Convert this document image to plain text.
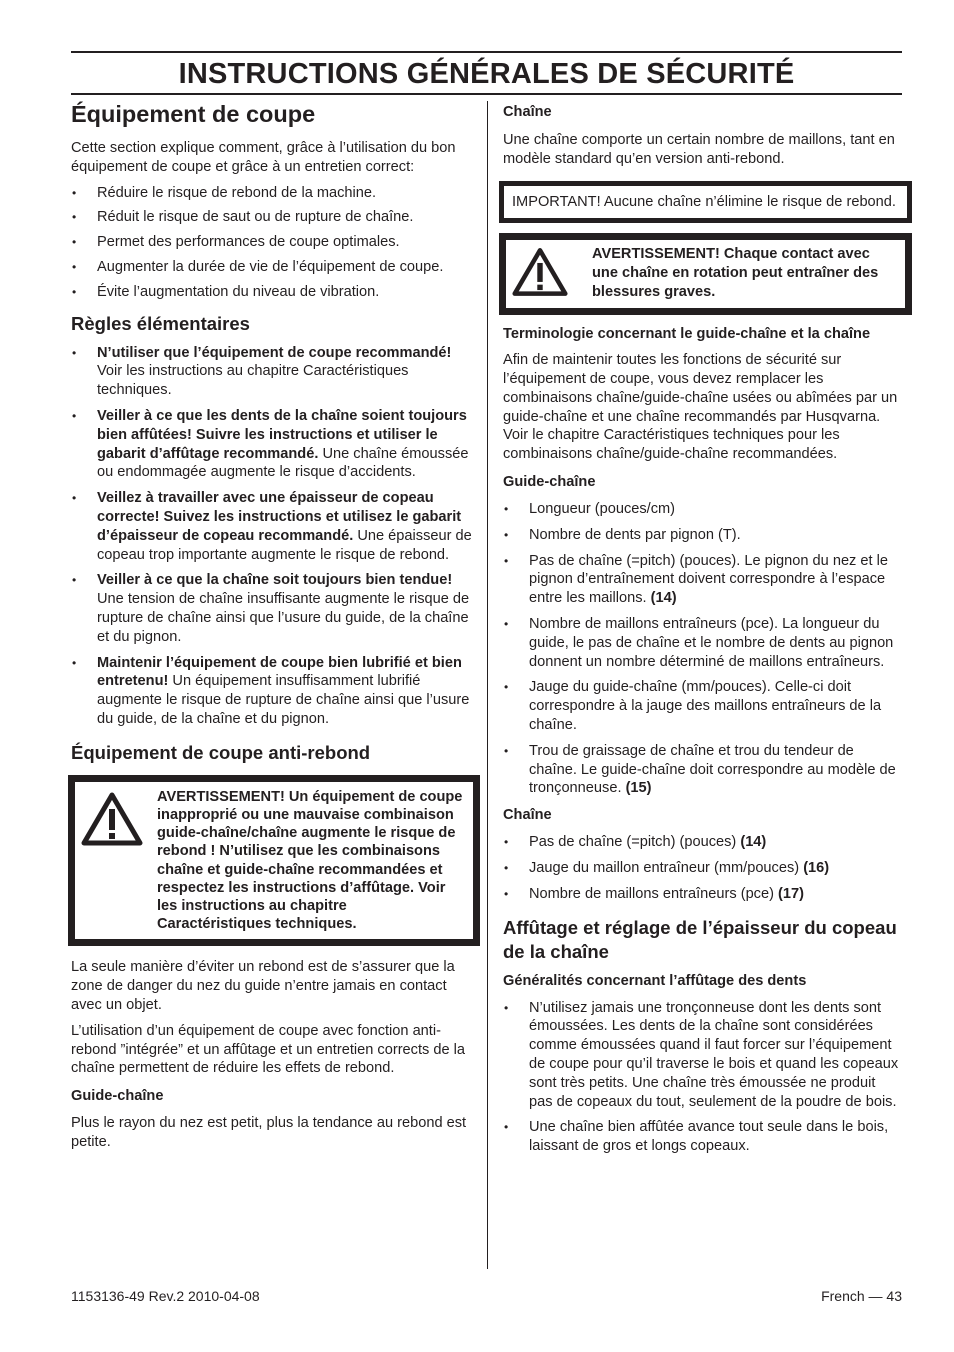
INSTRUCTIONS GÉNÉRALES DE SÉCURITÉ
Équipement de coupe

Cette section explique comment, grâce à l’utilisation du bon équipement de coupe et grâce à un entretien correct:

• Réduire le risque de rebond de la machine.
• Réduit le risque de saut ou de rupture de chaîne.
• Permet des performances de coupe optimales.
• Augmenter la durée de vie de l’équipement de coupe.
• Évite l’augmentation du niveau de vibration.
Règles élémentaires
• N’utiliser que l’équipement de coupe recommandé! Voir les instructions au chapitre Caractéristiques techniques.
• Veiller à ce que les dents de la chaîne soient toujours bien affûtées! Suivre les instructions et utiliser le gabarit d’affûtage recommandé. Une chaîne émoussée ou endommagée augmente le risque d’accidents.
• Veillez à travailler avec une épaisseur de copeau correcte! Suivez les instructions et utilisez le gabarit d’épaisseur de copeau recommandé. Une épaisseur de copeau trop importante augmente le risque de rebond.
• Veiller à ce que la chaîne soit toujours bien tendue! Une tension de chaîne insuffisante augmente le risque de rupture de chaîne ainsi que l’usure du guide, de la chaîne et du pignon.
• Maintenir l’équipement de coupe bien lubrifié et bien entretenu! Un équipement insuffisamment lubrifié augmente le risque de rupture de chaîne ainsi que l’usure du guide, de la chaîne et du pignon.
Équipement de coupe anti-rebond
AVERTISSEMENT! Un équipement de coupe inapproprié ou une mauvaise combinaison guide-chaîne/chaîne augmente le risque de rebond ! N’utilisez que les combinaisons chaîne et guide-chaîne recommandées et respectez les instructions d’affûtage. Voir les instructions au chapitre Caractéristiques techniques.

La seule manière d’éviter un rebond est de s’assurer que la zone de danger du nez du guide n’entre jamais en contact avec un objet.

L’utilisation d’un équipement de coupe avec fonction anti-rebond ”intégrée” et un affûtage et un entretien corrects de la chaîne permettent de réduire les effets de rebond.

Guide-chaîne

Plus le rayon du nez est petit, plus la tendance au rebond est petite.

Chaîne

Une chaîne comporte un certain nombre de maillons, tant en modèle standard qu’en version anti-rebond.

IMPORTANT! Aucune chaîne n’élimine le risque de rebond.
AVERTISSEMENT! Chaque contact avec une chaîne en rotation peut entraîner des blessures graves.
Terminologie concernant le guide-chaîne et la chaîne

Afin de maintenir toutes les fonctions de sécurité sur l’équipement de coupe, vous devez remplacer les combinaisons chaîne/guide-chaîne usées ou abîmées par un guide-chaîne et une chaîne recommandés par Husqvarna. Voir le chapitre Caractéristiques techniques pour les combinaisons chaîne/guide-chaîne recommandées.

Guide-chaîne
• Longueur (pouces/cm)
• Nombre de dents par pignon (T).
• Pas de chaîne (=pitch) (pouces). Le pignon du nez et le pignon d’entraînement doivent correspondre à l’espace entre les maillons. (14)
• Nombre de maillons entraîneurs (pce). La longueur du guide, le pas de chaîne et le nombre de dents au pignon donnent un nombre déterminé de maillons entraîneurs.
• Jauge du guide-chaîne (mm/pouces). Celle-ci doit correspondre à la jauge des maillons entraîneurs de la chaîne.
• Trou de graissage de chaîne et trou du tendeur de chaîne. Le guide-chaîne doit correspondre au modèle de tronçonneuse. (15)
Chaîne
• Pas de chaîne (=pitch) (pouces) (14)
• Jauge du maillon entraîneur (mm/pouces) (16)
• Nombre de maillons entraîneurs (pce) (17)
Affûtage et réglage de l’épaisseur du copeau de la chaîne
Généralités concernant l’affûtage des dents
• N’utilisez jamais une tronçonneuse dont les dents sont émoussées. Les dents de la chaîne sont considérées comme émoussées quand il faut forcer sur l’équipement de coupe pour qu’il traverse le bois et quand les copeaux sont très petits. Une chaîne très émoussée ne produit pas de copeaux du tout, seulement de la poudre de bois.
• Une chaîne bien affûtée avance tout seule dans le bois, laissant de gros et longs copeaux.
1153136-49 Rev.2 2010-04-08	French — 43
